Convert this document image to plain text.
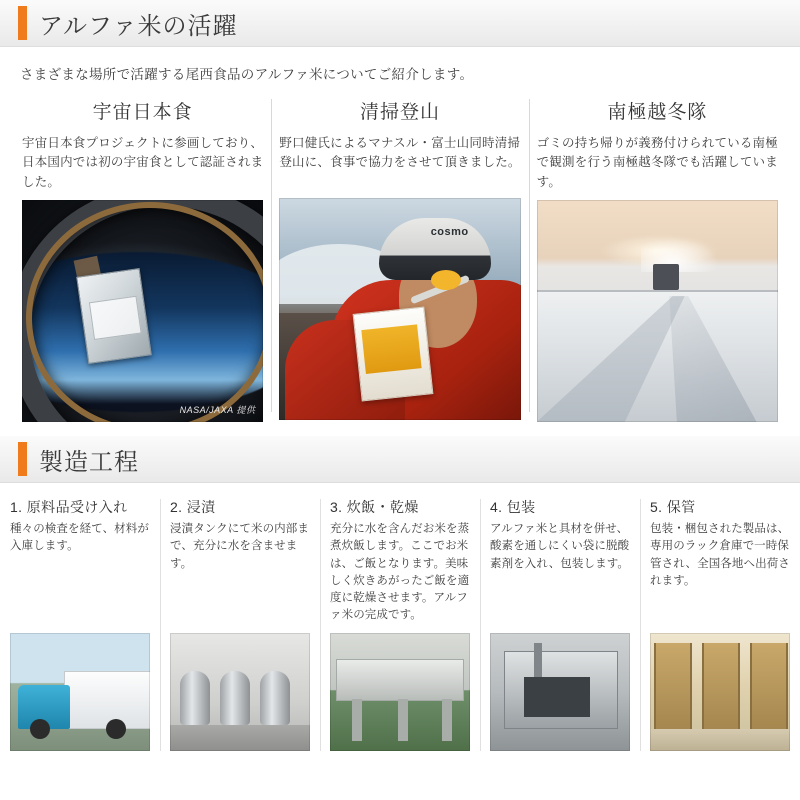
アルファ米の活躍
さまざまな場所で活躍する尾西食品のアルファ米についてご紹介します。
宇宙日本食
宇宙日本食プロジェクトに参画しており、日本国内では初の宇宙食として認証されました。
NASA/JAXA 提供
清掃登山
野口健氏によるマナスル・富士山同時清掃登山に、食事で協力をさせて頂きました。
cosmo
南極越冬隊
ゴミの持ち帰りが義務付けられている南極で観測を行う南極越冬隊でも活躍しています。
製造工程
1. 原料品受け入れ
種々の検査を経て、材料が入庫します。
2. 浸漬
浸漬タンクにて米の内部まで、充分に水を含ませます。
3. 炊飯・乾燥
充分に水を含んだお米を蒸煮炊飯します。ここでお米は、ご飯となります。美味しく炊きあがったご飯を適度に乾燥させます。アルファ米の完成です。
4. 包装
アルファ米と具材を併せ、酸素を通しにくい袋に脱酸素剤を入れ、包装します。
5. 保管
包装・梱包された製品は、専用のラック倉庫で一時保管され、全国各地へ出荷されます。
